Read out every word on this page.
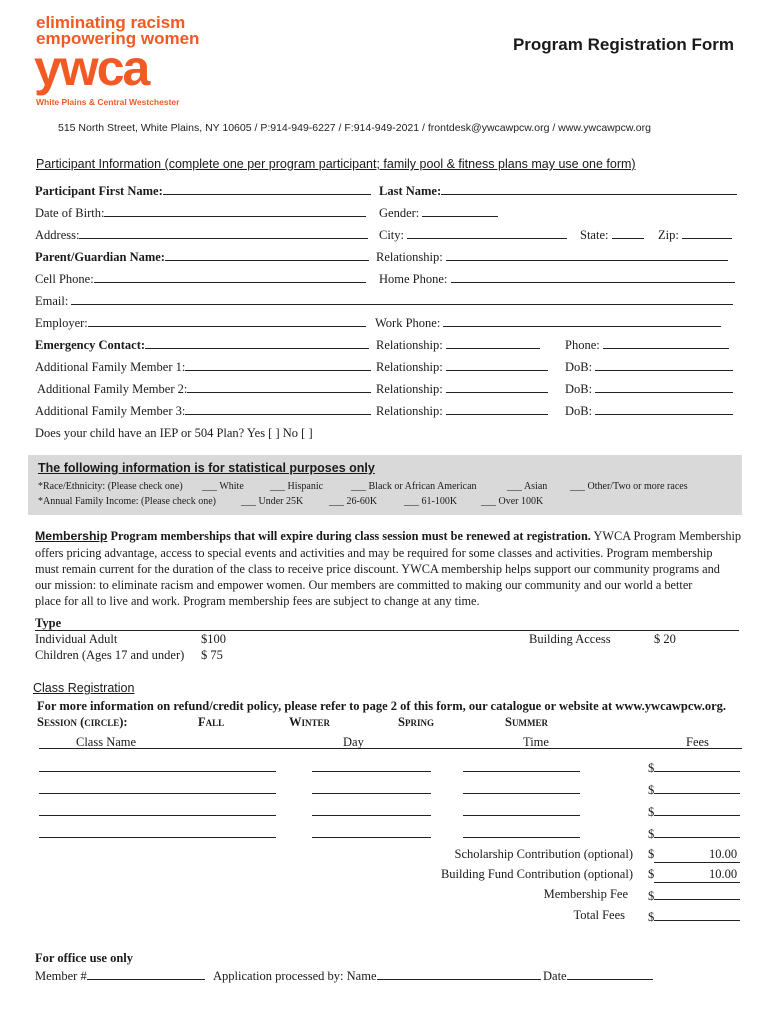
eliminating racism
empowering women
ywca
White Plains & Central Westchester
Program Registration Form
515 North Street, White Plains, NY 10605 / P:914-949-6227 / F:914-949-2021 / frontdesk@ywcawpcw.org / www.ywcawpcw.org
Participant Information (complete one per program participant; family pool & fitness plans may use one form)
Participant First Name:	Last Name:
Date of Birth:	Gender:
Address:	City:	State:	Zip:
Parent/Guardian Name:	Relationship:
Cell Phone:	Home Phone:
Email:
Employer:	Work Phone:
Emergency Contact:	Relationship:	Phone:
Additional Family Member 1:	Relationship:	DoB:
Additional Family Member 2:	Relationship:	DoB:
Additional Family Member 3:	Relationship:	DoB:
Does your child have an IEP or 504 Plan? Yes [ ] No [ ]
The following information is for statistical purposes only
*Race/Ethnicity: (Please check one) ___ White	___ Hispanic	___ Black or African American	___ Asian ___ Other/Two or more races
*Annual Family Income: (Please check one)	___ Under 25K	___ 26-60K	___ 61-100K ___ Over 100K
Membership Program memberships that will expire during class session must be renewed at registration. YWCA Program Membership
offers pricing advantage, access to special events and activities and may be required for some classes and activities. Program membership
must remain current for the duration of the class to receive price discount. YWCA membership helps support our community programs and
our mission: to eliminate racism and empower women. Our members are committed to making our community and our world a better
place for all to live and work. Program membership fees are subject to change at any time.
Type
Individual Adult	$100
Children (Ages 17 and under) $ 75
Building Access	$ 20
Class Registration
For more information on refund/credit policy, please refer to page 2 of this form, our catalogue or website at www.ywcawpcw.org.
Session (circle):	Fall	Winter	Spring	Summer
Class Name	Day	Time	Fees
$
$
$
$
Scholarship Contribution (optional) $	10.00
Building Fund Contribution (optional) $	10.00
Membership Fee $
Total Fees $
For office use only
Member #	Application processed by: Name	Date
